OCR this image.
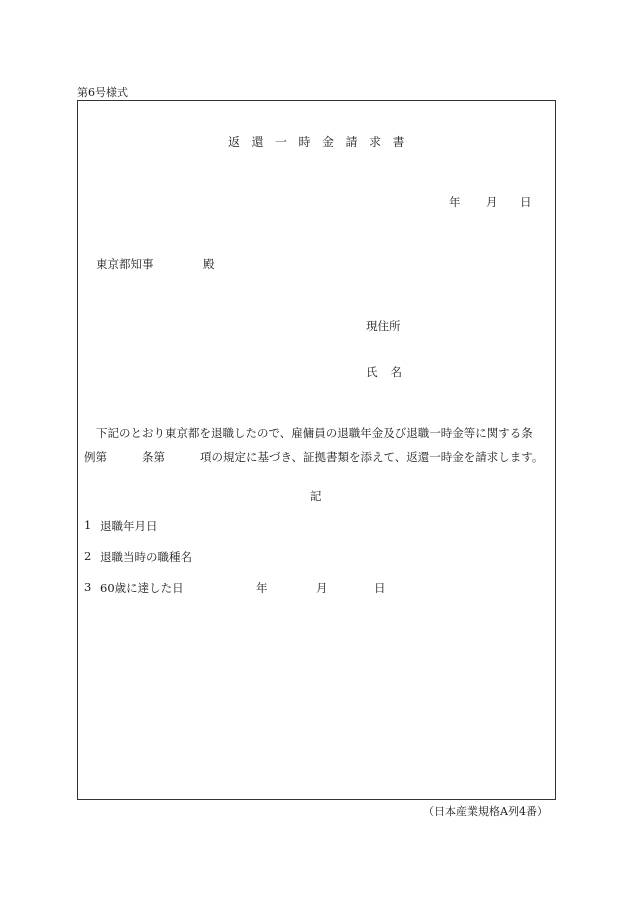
第6号様式
返還一時金請求書
年 月 日
東京都知事	殿
現住所
氏名
下記のとおり東京都を退職したので、雇傭員の退職年金及び退職一時金等に関する条
例第	条第	項の規定に基づき、証拠書類を添えて、返還一時金を請求します。
記
1 退職年月日
2 退職当時の職種名
3 60歳に達した日	年	月	日
（日本産業規格A列4番）
